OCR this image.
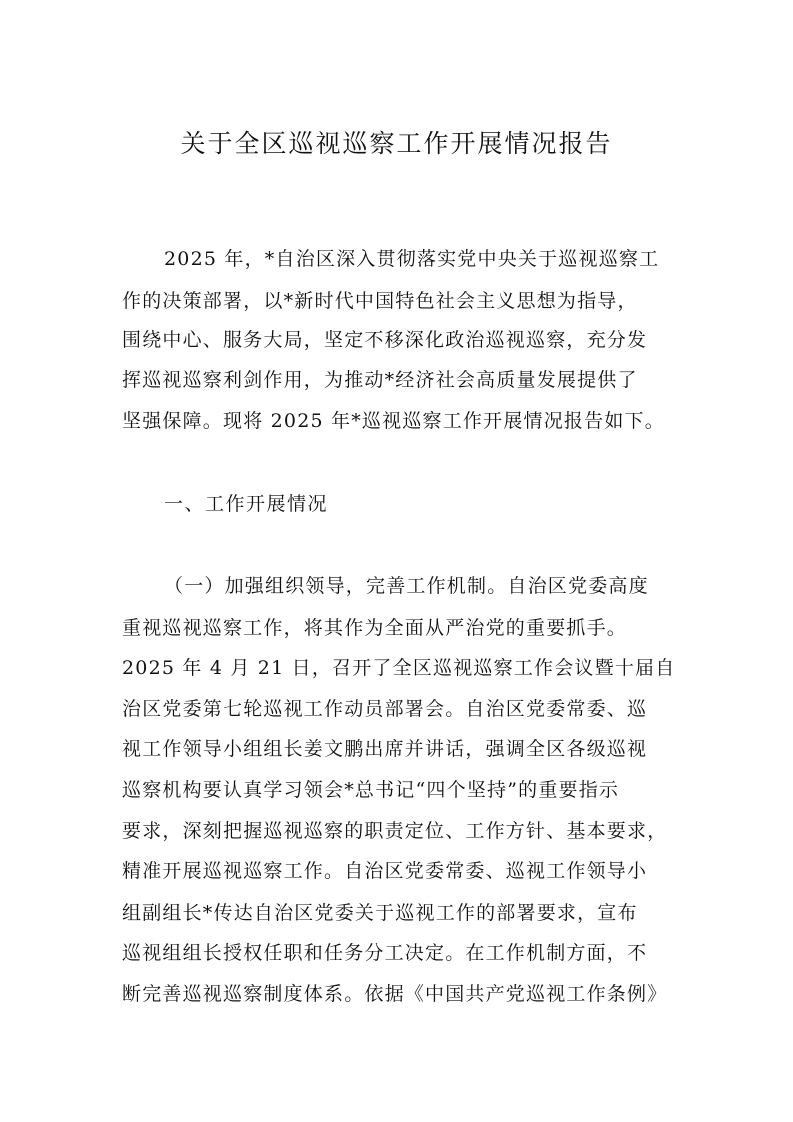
关于全区巡视巡察工作开展情况报告
2025 年，*自治区深入贯彻落实党中央关于巡视巡察工
作的决策部署，以*新时代中国特色社会主义思想为指导，
围绕中心、服务大局，坚定不移深化政治巡视巡察，充分发
挥巡视巡察利剑作用，为推动*经济社会高质量发展提供了
坚强保障。现将 2025 年*巡视巡察工作开展情况报告如下。
一、工作开展情况
（一）加强组织领导，完善工作机制。自治区党委高度
重视巡视巡察工作，将其作为全面从严治党的重要抓手。
2025 年 4 月 21 日，召开了全区巡视巡察工作会议暨十届自
治区党委第七轮巡视工作动员部署会。自治区党委常委、巡
视工作领导小组组长姜文鹏出席并讲话，强调全区各级巡视
巡察机构要认真学习领会*总书记“四个坚持”的重要指示
要求，深刻把握巡视巡察的职责定位、工作方针、基本要求，
精准开展巡视巡察工作。自治区党委常委、巡视工作领导小
组副组长*传达自治区党委关于巡视工作的部署要求，宣布
巡视组组长授权任职和任务分工决定。在工作机制方面，不
断完善巡视巡察制度体系。依据《中国共产党巡视工作条例》
